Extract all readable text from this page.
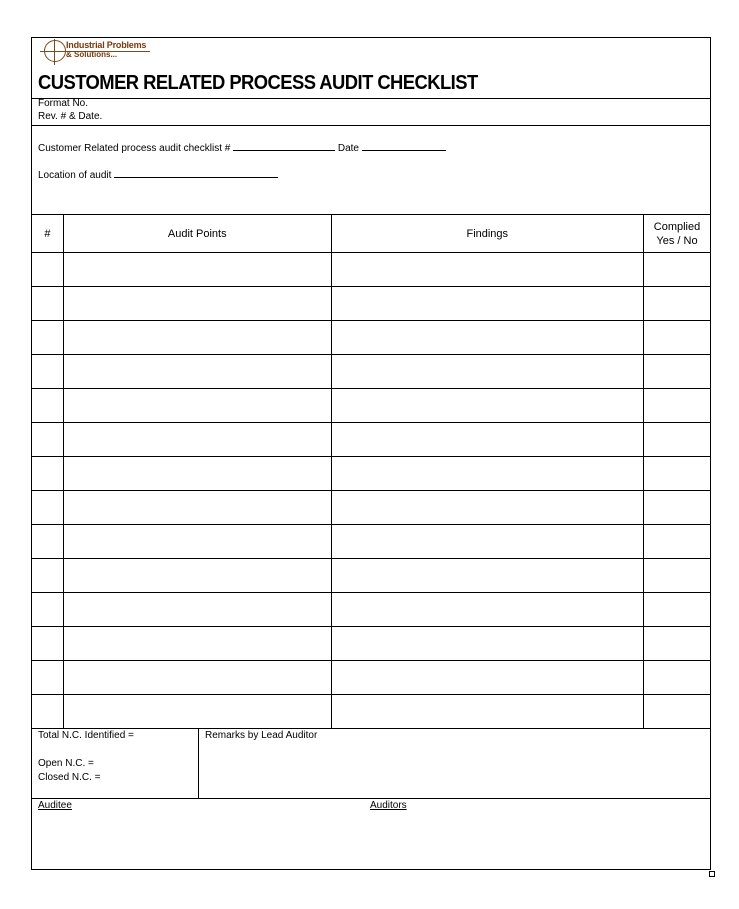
Industrial Problems
& Solutions...
CUSTOMER RELATED PROCESS AUDIT CHECKLIST
Format No.
Rev. # & Date.
Customer Related process audit checklist #	Date
Location of audit
#	Audit Points	Findings	Complied
Yes / No

Total N.C. Identified =
Open N.C. =
Closed N.C. =
Remarks by Lead Auditor
Auditee	Auditors
